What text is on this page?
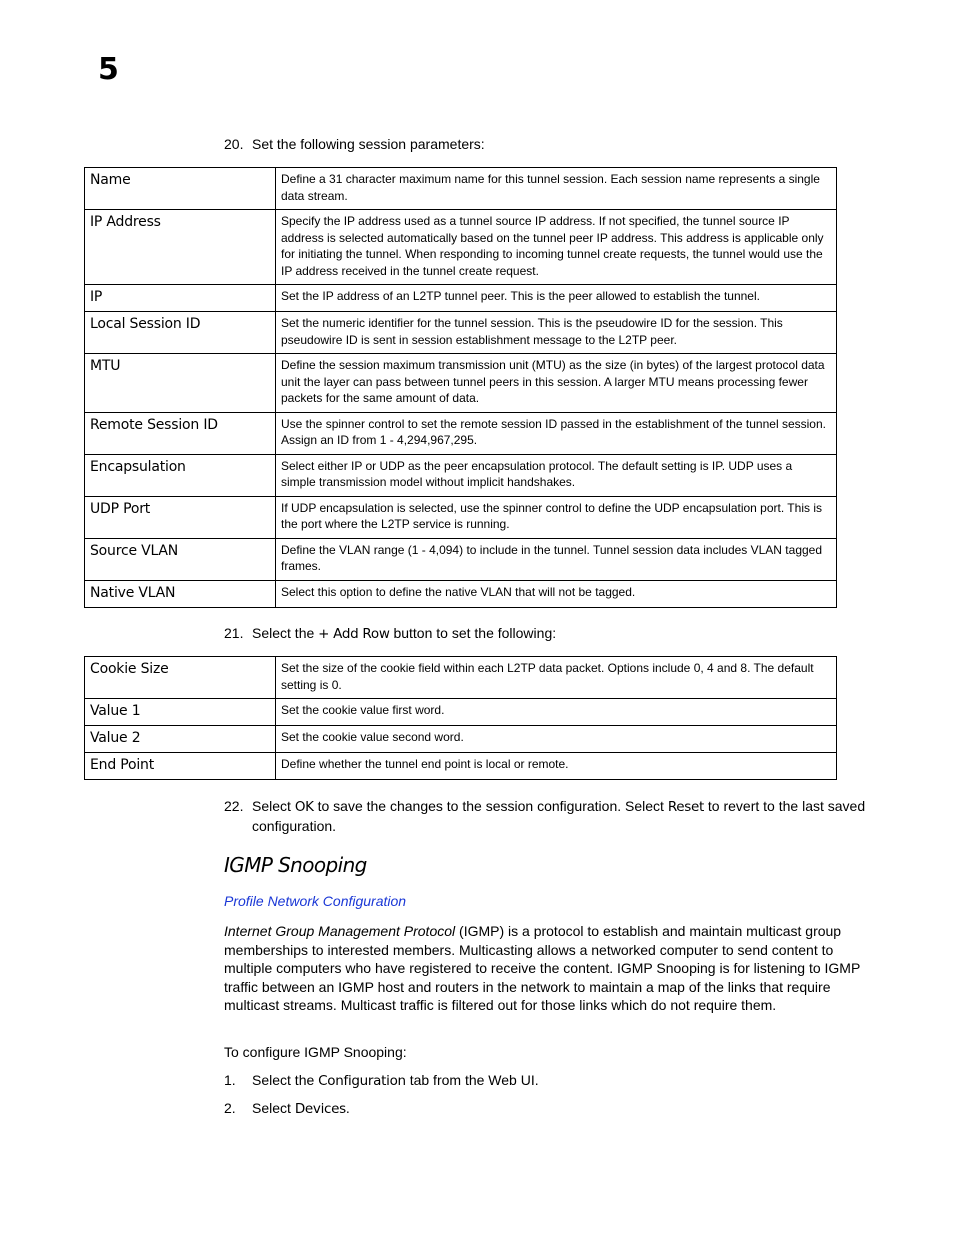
5
20. Set the following session parameters:
Name	Define a 31 character maximum name for this tunnel session. Each session name represents a single data stream.
IP Address	Specify the IP address used as a tunnel source IP address. If not specified, the tunnel source IP address is selected automatically based on the tunnel peer IP address. This address is applicable only for initiating the tunnel. When responding to incoming tunnel create requests, the tunnel would use the IP address received in the tunnel create request.
IP	Set the IP address of an L2TP tunnel peer. This is the peer allowed to establish the tunnel.
Local Session ID	Set the numeric identifier for the tunnel session. This is the pseudowire ID for the session. This pseudowire ID is sent in session establishment message to the L2TP peer.
MTU	Define the session maximum transmission unit (MTU) as the size (in bytes) of the largest protocol data unit the layer can pass between tunnel peers in this session. A larger MTU means processing fewer packets for the same amount of data.
Remote Session ID	Use the spinner control to set the remote session ID passed in the establishment of the tunnel session. Assign an ID from 1 - 4,294,967,295.
Encapsulation	Select either IP or UDP as the peer encapsulation protocol. The default setting is IP. UDP uses a simple transmission model without implicit handshakes.
UDP Port	If UDP encapsulation is selected, use the spinner control to define the UDP encapsulation port. This is the port where the L2TP service is running.
Source VLAN	Define the VLAN range (1 - 4,094) to include in the tunnel. Tunnel session data includes VLAN tagged frames.
Native VLAN	Select this option to define the native VLAN that will not be tagged.
21. Select the + Add Row button to set the following:
Cookie Size	Set the size of the cookie field within each L2TP data packet. Options include 0, 4 and 8. The default setting is 0.
Value 1	Set the cookie value first word.
Value 2	Set the cookie value second word.
End Point	Define whether the tunnel end point is local or remote.
22. Select OK to save the changes to the session configuration. Select Reset to revert to the last saved configuration.
IGMP Snooping
Profile Network Configuration
Internet Group Management Protocol (IGMP) is a protocol to establish and maintain multicast group memberships to interested members. Multicasting allows a networked computer to send content to multiple computers who have registered to receive the content. IGMP Snooping is for listening to IGMP traffic between an IGMP host and routers in the network to maintain a map of the links that require multicast streams. Multicast traffic is filtered out for those links which do not require them.
To configure IGMP Snooping:
1. Select the Configuration tab from the Web UI.
2. Select Devices.
